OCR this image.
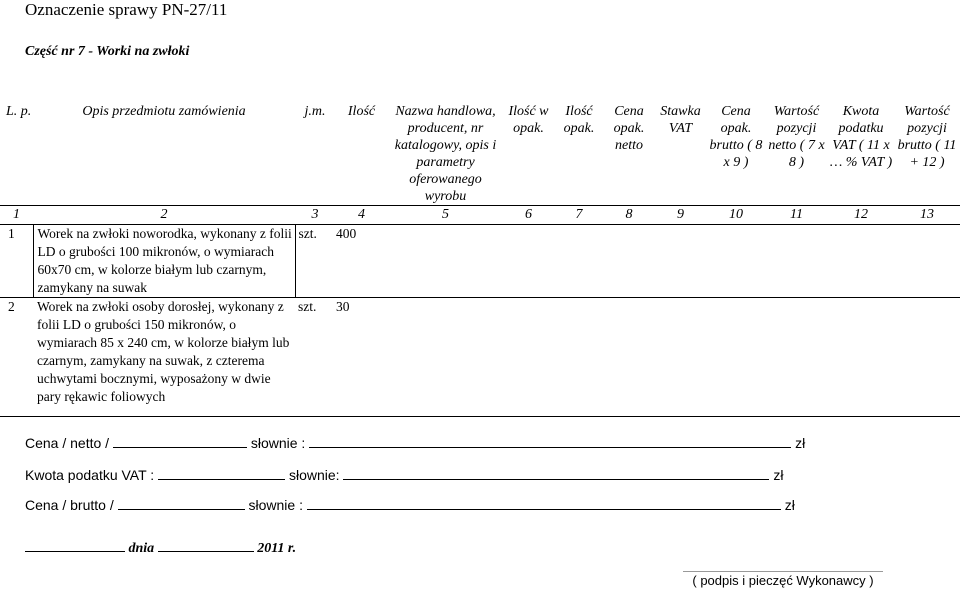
Oznaczenie sprawy PN-27/11
Część nr 7 - Worki na zwłoki
L. p.	Opis przedmiotu zamówienia	j.m.	Ilość	Nazwa handlowa, producent, nr katalogowy, opis i parametry oferowanego wyrobu	Ilość w opak.	Ilość opak.	Cena opak. netto	Stawka VAT	Cena opak. brutto ( 8 x 9 )	Wartość pozycji netto ( 7 x 8 )	Kwota podatku VAT ( 11 x … % VAT )	Wartość pozycji brutto ( 11 + 12 )
1	2	3	4	5	6	7	8	9	10	11	12	13
1	Worek na zwłoki noworodka, wykonany z folii LD o grubości 100 mikronów, o wymiarach 60x70 cm, w kolorze białym lub czarnym, zamykany na suwak	szt.	400									
2	Worek na zwłoki osoby dorosłej, wykonany z folii LD o grubości 150 mikronów, o wymiarach 85 x 240 cm, w kolorze białym lub czarnym, zamykany na suwak, z czterema uchwytami bocznymi, wyposażony w dwie pary rękawic foliowych	szt.	30									
Cena / netto /	słownie :	zł
Kwota podatku VAT :	słownie:	zł
Cena / brutto /	słownie :	zł
dnia	2011 r.
( podpis i pieczęć Wykonawcy )
